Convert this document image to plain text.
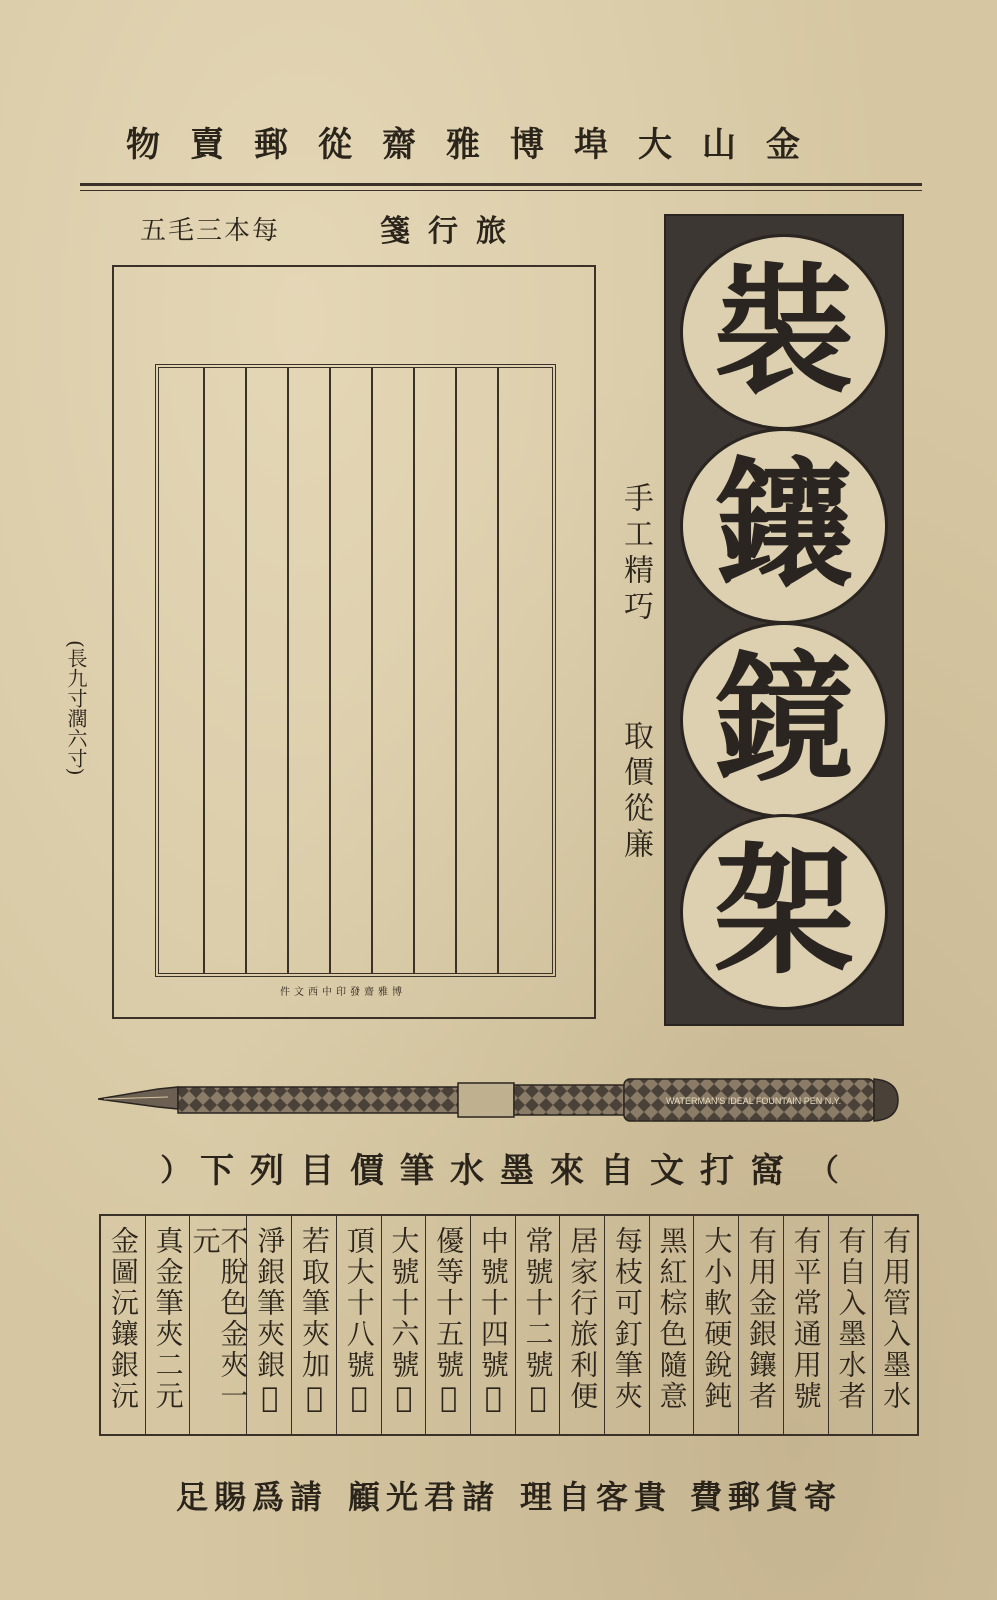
金山大埠博雅齋從郵賣物
旅行箋
每本三毛五
(長九寸濶六寸)
博雅齋發印中西文件
手工精巧
取價從廉
裝
鑲
鏡
架
WATERMAN'S IDEAL FOUNTAIN PEN N.Y.
︵ 窩打文自來墨水筆價目列下 ︶
有用管入墨水
有自入墨水者
有平常通用號
有用金銀鑲者
大小軟硬銳鈍
黑紅棕色隨意
每枝可釘筆夾
居家行旅利便
常號十二號𠃨
中號十四號𠃨
優等十五號𠃨
大號十六號𠃨
頂大十八號𠃨
若取筆夾加𠃨
淨銀筆夾銀𠃨
不脫色金夾一元
真金筆夾二元
金圖沅鑲銀沅
寄貨郵費
貴客自理
諸君光顧
請爲賜足
